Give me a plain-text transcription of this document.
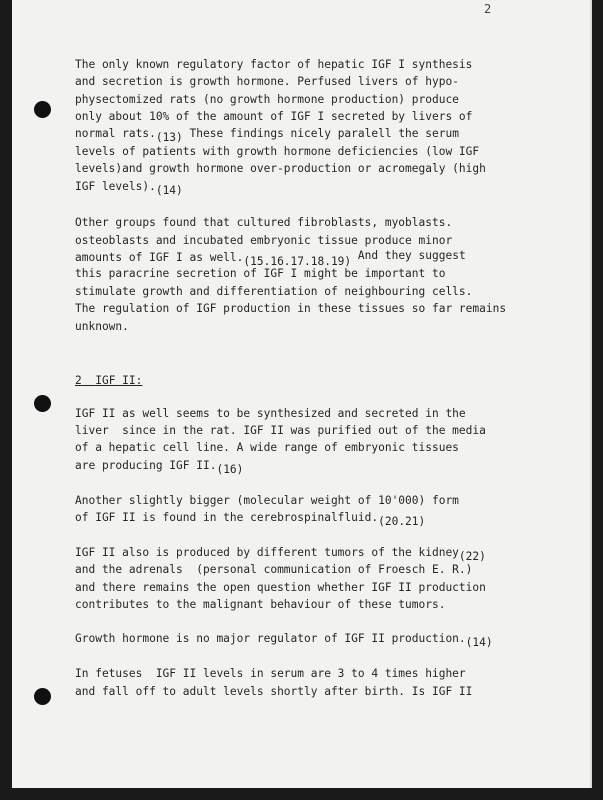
2
The only known regulatory factor of hepatic IGF I synthesis
and secretion is growth hormone. Perfused livers of hypo-
physectomized rats (no growth hormone production) produce
only about 10% of the amount of IGF I secreted by livers of
normal rats.(13) These findings nicely paralell the serum
levels of patients with growth hormone deficiencies (low IGF
levels)and growth hormone over-production or acromegaly (high
IGF levels).(14)
Other groups found that cultured fibroblasts, myoblasts.
osteoblasts and incubated embryonic tissue produce minor
amounts of IGF I as well.(15.16.17.18.19) And they suggest
this paracrine secretion of IGF I might be important to
stimulate growth and differentiation of neighbouring cells.
The regulation of IGF production in these tissues so far remains
unknown.
2 IGF II:
IGF II as well seems to be synthesized and secreted in the
liver  since in the rat. IGF II was purified out of the media
of a hepatic cell line. A wide range of embryonic tissues
are producing IGF II.(16)
Another slightly bigger (molecular weight of 10'000) form
of IGF II is found in the cerebrospinalfluid.(20.21)
IGF II also is produced by different tumors of the kidney(22)
and the adrenals  (personal communication of Froesch E. R.)
and there remains the open question whether IGF II production
contributes to the malignant behaviour of these tumors.
Growth hormone is no major regulator of IGF II production.(14)
In fetuses  IGF II levels in serum are 3 to 4 times higher
and fall off to adult levels shortly after birth. Is IGF II
